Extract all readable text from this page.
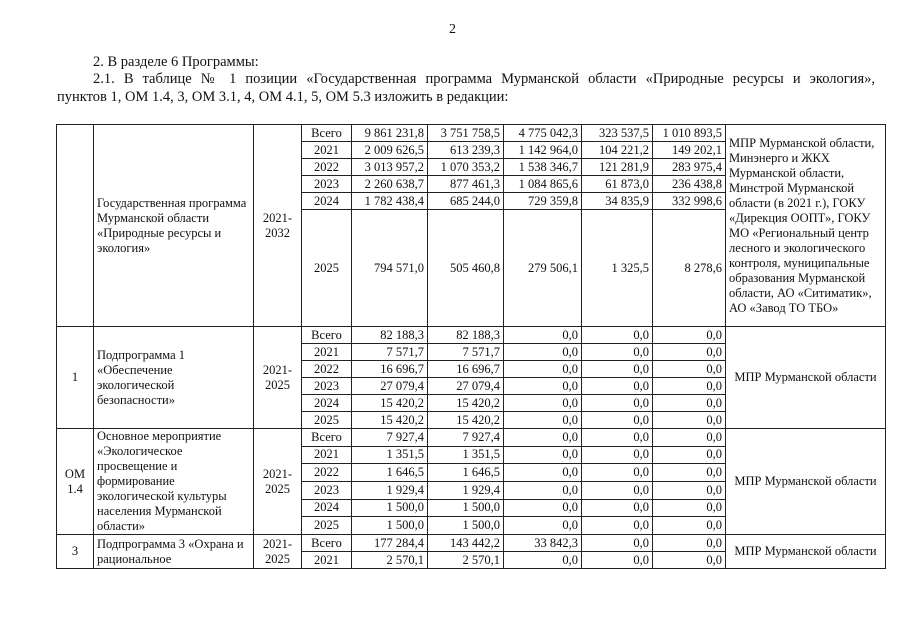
2
2. В разделе 6 Программы:
2.1. В таблице № 1 позиции «Государственная программа Мурманской области «Природные ресурсы и экология»,
пунктов 1, ОМ 1.4, 3, ОМ 3.1, 4, ОМ 4.1, 5, ОМ 5.3 изложить в редакции:
	Государственная программа Мурманской области «Природные ресурсы и экология»	2021-2032	Всего	9 861 231,8	3 751 758,5	4 775 042,3	323 537,5	1 010 893,5	МПР Мурманской области, Минэнерго и ЖКХ Мурманской области, Минстрой Мурманской области (в 2021 г.), ГОКУ «Дирекция ООПТ», ГОКУ МО «Региональный центр лесного и экологического контроля, муниципальные образования Мурманской области, АО «Ситиматик», АО «Завод ТО ТБО»
			2021	2 009 626,5	613 239,3	1 142 964,0	104 221,2	149 202,1	
			2022	3 013 957,2	1 070 353,2	1 538 346,7	121 281,9	283 975,4	
			2023	2 260 638,7	877 461,3	1 084 865,6	61 873,0	236 438,8	
			2024	1 782 438,4	685 244,0	729 359,8	34 835,9	332 998,6	
			2025	794 571,0	505 460,8	279 506,1	1 325,5	8 278,6	
1	Подпрограмма 1 «Обеспечение экологической безопасности»	2021-2025	Всего	82 188,3	82 188,3	0,0	0,0	0,0	МПР Мурманской области
			2021	7 571,7	7 571,7	0,0	0,0	0,0	
			2022	16 696,7	16 696,7	0,0	0,0	0,0	
			2023	27 079,4	27 079,4	0,0	0,0	0,0	
			2024	15 420,2	15 420,2	0,0	0,0	0,0	
			2025	15 420,2	15 420,2	0,0	0,0	0,0	
ОМ 1.4	Основное мероприятие «Экологическое просвещение и формирование экологической культуры населения Мурманской области»	2021-2025	Всего	7 927,4	7 927,4	0,0	0,0	0,0	МПР Мурманской области
			2021	1 351,5	1 351,5	0,0	0,0	0,0	
			2022	1 646,5	1 646,5	0,0	0,0	0,0	
			2023	1 929,4	1 929,4	0,0	0,0	0,0	
			2024	1 500,0	1 500,0	0,0	0,0	0,0	
			2025	1 500,0	1 500,0	0,0	0,0	0,0	
3	Подпрограмма 3 «Охрана и рациональное	2021-2025	Всего	177 284,4	143 442,2	33 842,3	0,0	0,0	МПР Мурманской области
			2021	2 570,1	2 570,1	0,0	0,0	0,0	
